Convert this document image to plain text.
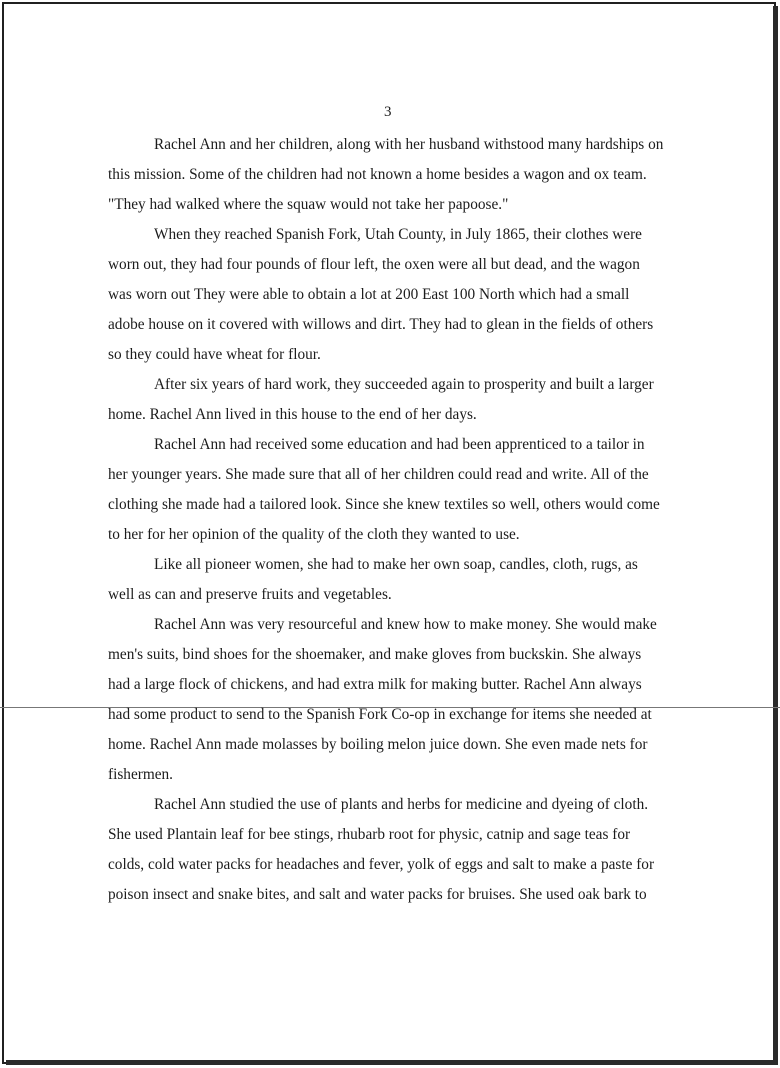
3
Rachel Ann and her children, along with her husband withstood many hardships on
this mission. Some of the children had not known a home besides a wagon and ox team.
"They had walked where the squaw would not take her papoose."
When they reached Spanish Fork, Utah County, in July 1865, their clothes were
worn out, they had four pounds of flour left, the oxen were all but dead, and the wagon
was worn out They were able to obtain a lot at 200 East 100 North which had a small
adobe house on it covered with willows and dirt. They had to glean in the fields of others
so they could have wheat for flour.
After six years of hard work, they succeeded again to prosperity and built a larger
home. Rachel Ann lived in this house to the end of her days.
Rachel Ann had received some education and had been apprenticed to a tailor in
her younger years. She made sure that all of her children could read and write. All of the
clothing she made had a tailored look. Since she knew textiles so well, others would come
to her for her opinion of the quality of the cloth they wanted to use.
Like all pioneer women, she had to make her own soap, candles, cloth, rugs, as
well as can and preserve fruits and vegetables.
Rachel Ann was very resourceful and knew how to make money. She would make
men's suits, bind shoes for the shoemaker, and make gloves from buckskin. She always
had a large flock of chickens, and had extra milk for making butter. Rachel Ann always
had some product to send to the Spanish Fork Co-op in exchange for items she needed at
home. Rachel Ann made molasses by boiling melon juice down. She even made nets for
fishermen.
Rachel Ann studied the use of plants and herbs for medicine and dyeing of cloth.
She used Plantain leaf for bee stings, rhubarb root for physic, catnip and sage teas for
colds, cold water packs for headaches and fever, yolk of eggs and salt to make a paste for
poison insect and snake bites, and salt and water packs for bruises. She used oak bark to
